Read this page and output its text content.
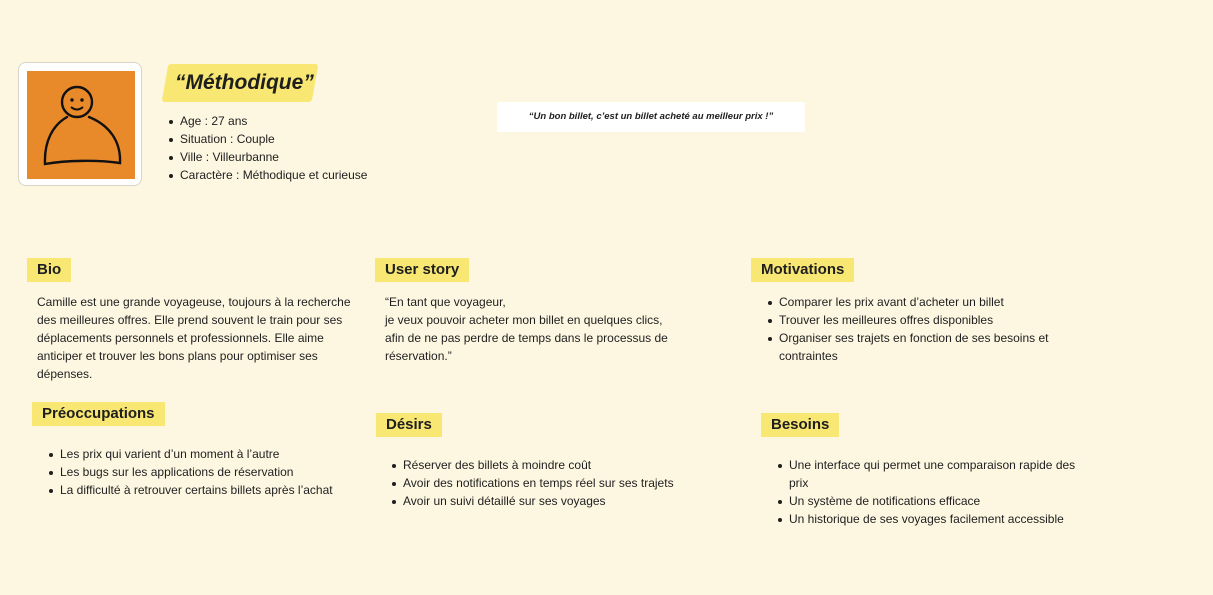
“Méthodique”
Age : 27 ans
Situation : Couple
Ville : Villeurbanne
Caractère : Méthodique et curieuse
“Un bon billet, c’est un billet acheté au meilleur prix !”
Bio
Camille est une grande voyageuse, toujours à la recherche
des meilleures offres. Elle prend souvent le train pour ses
déplacements personnels et professionnels. Elle aime
anticiper et trouver les bons plans pour optimiser ses
dépenses.
User story
“En tant que voyageur,
je veux pouvoir acheter mon billet en quelques clics,
afin de ne pas perdre de temps dans le processus de
réservation.”
Motivations
Comparer les prix avant d’acheter un billet
Trouver les meilleures offres disponibles
Organiser ses trajets en fonction de ses besoins et contraintes
Préoccupations
Les prix qui varient d’un moment à l’autre
Les bugs sur les applications de réservation
La difficulté à retrouver certains billets après l’achat
Désirs
Réserver des billets à moindre coût
Avoir des notifications en temps réel sur ses trajets
Avoir un suivi détaillé sur ses voyages
Besoins
Une interface qui permet une comparaison rapide des prix
Un système de notifications efficace
Un historique de ses voyages facilement accessible
